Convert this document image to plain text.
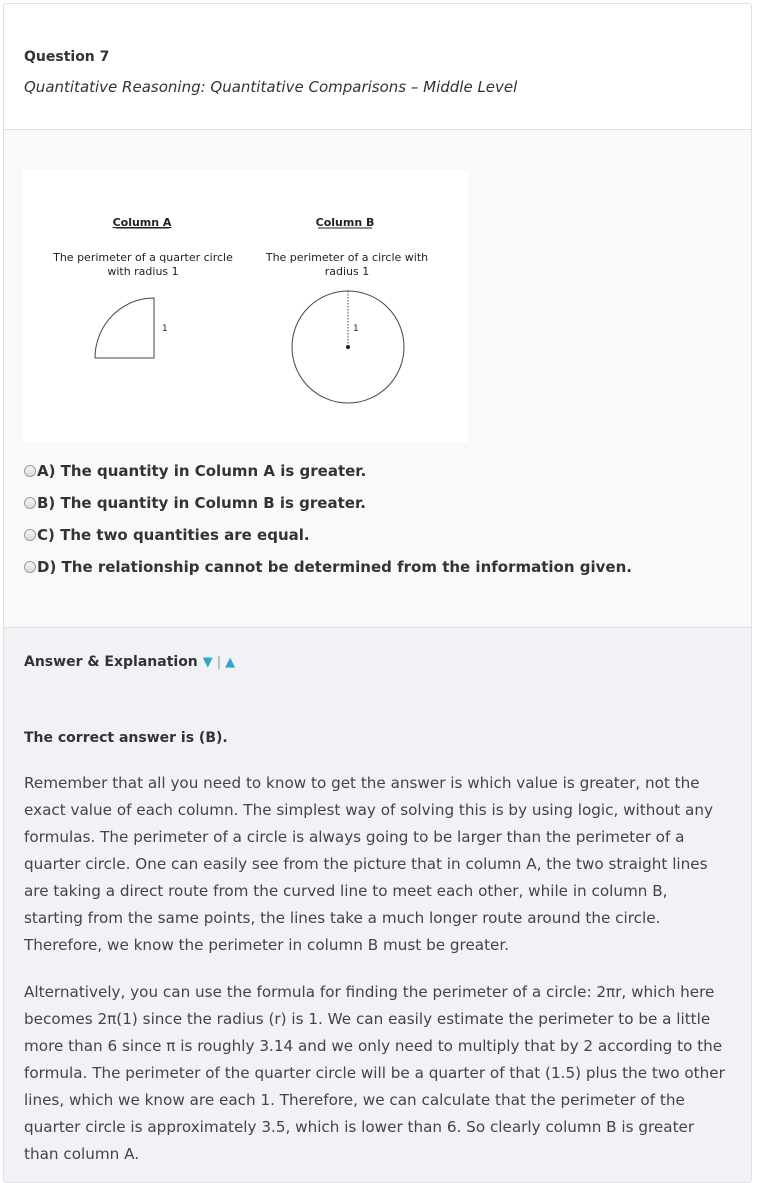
Question 7
Quantitative Reasoning: Quantitative Comparisons – Middle Level
Column A
The perimeter of a quarter circle
with radius 1
1
Column B
The perimeter of a circle with
radius 1
1
A) The quantity in Column A is greater.
B) The quantity in Column B is greater.
C) The two quantities are equal.
D) The relationship cannot be determined from the information given.
Answer & Explanation ▼ | ▲
The correct answer is (B).

Remember that all you need to know to get the answer is which value is greater, not the exact value of each column. The simplest way of solving this is by using logic, without any formulas. The perimeter of a circle is always going to be larger than the perimeter of a quarter circle. One can easily see from the picture that in column A, the two straight lines are taking a direct route from the curved line to meet each other, while in column B, starting from the same points, the lines take a much longer route around the circle. Therefore, we know the perimeter in column B must be greater.

Alternatively, you can use the formula for finding the perimeter of a circle: 2πr, which here becomes 2π(1) since the radius (r) is 1. We can easily estimate the perimeter to be a little more than 6 since π is roughly 3.14 and we only need to multiply that by 2 according to the formula. The perimeter of the quarter circle will be a quarter of that (1.5) plus the two other lines, which we know are each 1. Therefore, we can calculate that the perimeter of the quarter circle is approximately 3.5, which is lower than 6. So clearly column B is greater than column A.
